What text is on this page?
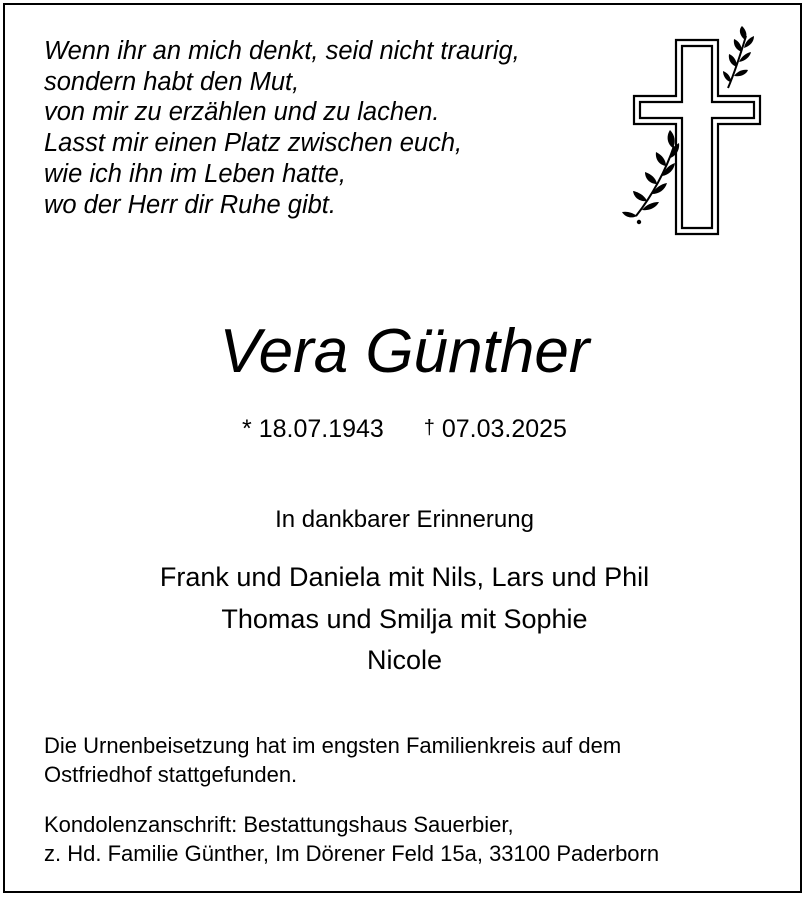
Wenn ihr an mich denkt, seid nicht traurig,
sondern habt den Mut,
von mir zu erzählen und zu lachen.
Lasst mir einen Platz zwischen euch,
wie ich ihn im Leben hatte,
wo der Herr dir Ruhe gibt.
Vera Günther
* 18.07.1943 † 07.03.2025
In dankbarer Erinnerung
Frank und Daniela mit Nils, Lars und Phil
Thomas und Smilja mit Sophie
Nicole
Die Urnenbeisetzung hat im engsten Familienkreis auf dem
Ostfriedhof stattgefunden.
Kondolenzanschrift: Bestattungshaus Sauerbier,
z. Hd. Familie Günther, Im Dörener Feld 15a, 33100 Paderborn
